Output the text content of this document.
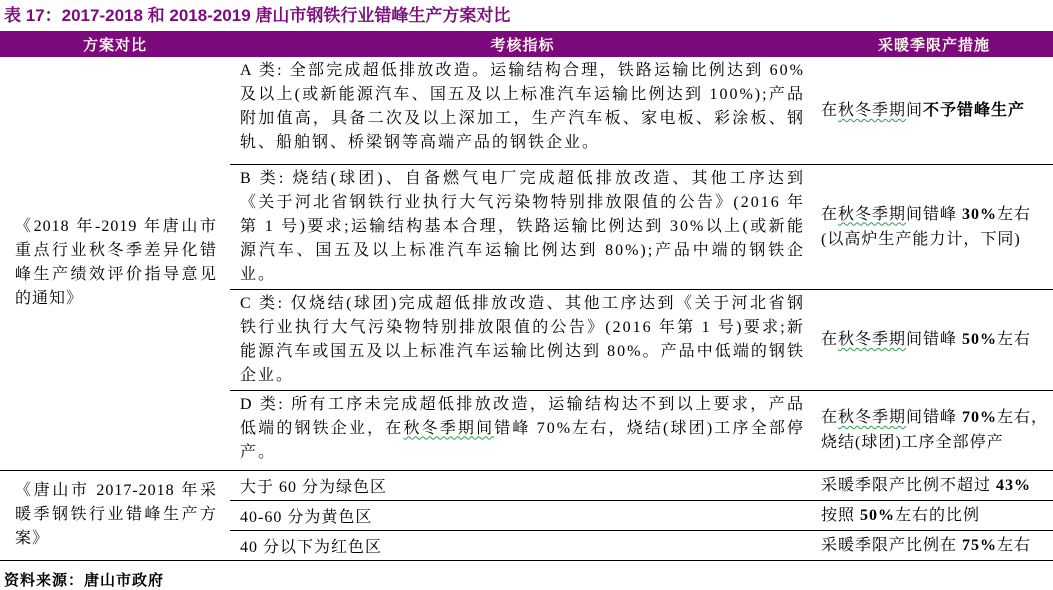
表 17：2017-2018 和 2018-2019 唐山市钢铁行业错峰生产方案对比
方案对比	考核指标	采暖季限产措施
《2018 年-2019 年唐山市重点行业秋冬季差异化错峰生产绩效评价指导意见的通知》	A 类: 全部完成超低排放改造。运输结构合理，铁路运输比例达到 60%及以上(或新能源汽车、国五及以上标准汽车运输比例达到 100%);产品附加值高，具备二次及以上深加工，生产汽车板、家电板、彩涂板、钢轨、船舶钢、桥梁钢等高端产品的钢铁企业。	在秋冬季期间不予错峰生产
	B 类: 烧结(球团)、自备燃气电厂完成超低排放改造、其他工序达到《关于河北省钢铁行业执行大气污染物特别排放限值的公告》(2016 年第 1 号)要求;运输结构基本合理，铁路运输比例达到 30%以上(或新能源汽车、国五及以上标准汽车运输比例达到 80%);产品中端的钢铁企业。	在秋冬季期间错峰 30%左右
(以高炉生产能力计，下同)
	C 类: 仅烧结(球团)完成超低排放改造、其他工序达到《关于河北省钢铁行业执行大气污染物特别排放限值的公告》(2016 年第 1 号)要求;新能源汽车或国五及以上标准汽车运输比例达到 80%。产品中低端的钢铁企业。	在秋冬季期间错峰 50%左右
	D 类: 所有工序未完成超低排放改造，运输结构达不到以上要求，产品低端的钢铁企业，在秋冬季期间错峰 70%左右，烧结(球团)工序全部停产。	在秋冬季期间错峰 70%左右，烧结(球团)工序全部停产
《唐山市 2017-2018 年采暖季钢铁行业错峰生产方案》	大于 60 分为绿色区	采暖季限产比例不超过 43%
	40-60 分为黄色区	按照 50%左右的比例
	40 分以下为红色区	采暖季限产比例在 75%左右
资料来源：唐山市政府
